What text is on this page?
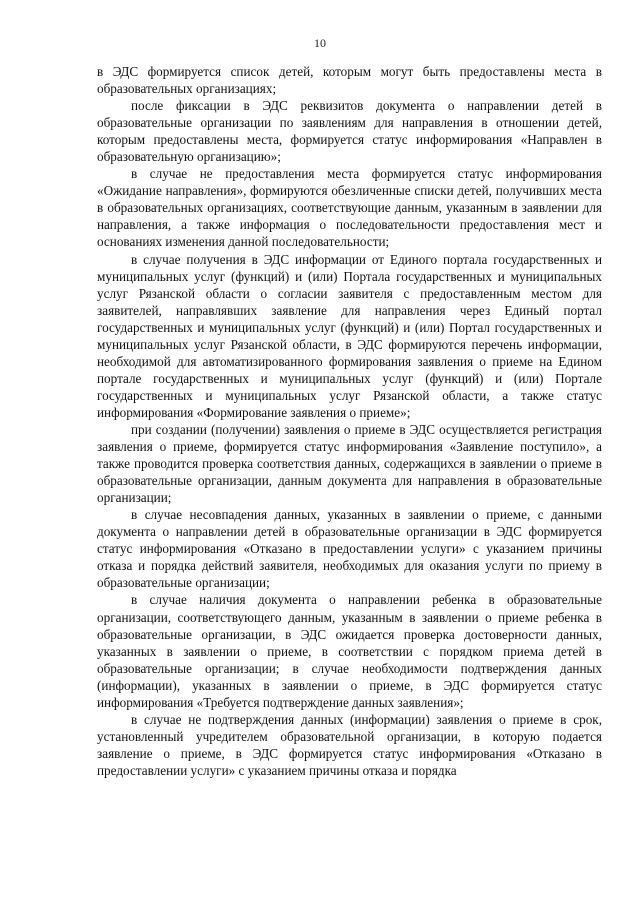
10

в ЭДС формируется список детей, которым могут быть предоставлены места в образовательных организациях;

после фиксации в ЭДС реквизитов документа о направлении детей в образовательные организации по заявлениям для направления в отношении детей, которым предоставлены места, формируется статус информирования «Направлен в образовательную организацию»;

в случае не предоставления места формируется статус информирования «Ожидание направления», формируются обезличенные списки детей, получивших места в образовательных организациях, соответствующие данным, указанным в заявлении для направления, а также информация о последовательности предоставления мест и основаниях изменения данной последовательности;

в случае получения в ЭДС информации от Единого портала государственных и муниципальных услуг (функций) и (или) Портала государственных и муниципальных услуг Рязанской области о согласии заявителя с предоставленным местом для заявителей, направлявших заявление для направления через Единый портал государственных и муниципальных услуг (функций) и (или) Портал государственных и муниципальных услуг Рязанской области, в ЭДС формируются перечень информации, необходимой для автоматизированного формирования заявления о приеме на Едином портале государственных и муниципальных услуг (функций) и (или) Портале государственных и муниципальных услуг Рязанской области, а также статус информирования «Формирование заявления о приеме»;

при создании (получении) заявления о приеме в ЭДС осуществляется регистрация заявления о приеме, формируется статус информирования «Заявление поступило», а также проводится проверка соответствия данных, содержащихся в заявлении о приеме в образовательные организации, данным документа для направления в образовательные организации;

в случае несовпадения данных, указанных в заявлении о приеме, с данными документа о направлении детей в образовательные организации в ЭДС формируется статус информирования «Отказано в предоставлении услуги» с указанием причины отказа и порядка действий заявителя, необходимых для оказания услуги по приему в образовательные организации;

в случае наличия документа о направлении ребенка в образовательные организации, соответствующего данным, указанным в заявлении о приеме ребенка в образовательные организации, в ЭДС ожидается проверка достоверности данных, указанных в заявлении о приеме, в соответствии с порядком приема детей в образовательные организации; в случае необходимости подтверждения данных (информации), указанных в заявлении о приеме, в ЭДС формируется статус информирования «Требуется подтверждение данных заявления»;

в случае не подтверждения данных (информации) заявления о приеме в срок, установленный учредителем образовательной организации, в которую подается заявление о приеме, в ЭДС формируется статус информирования «Отказано в предоставлении услуги» с указанием причины отказа и порядка
